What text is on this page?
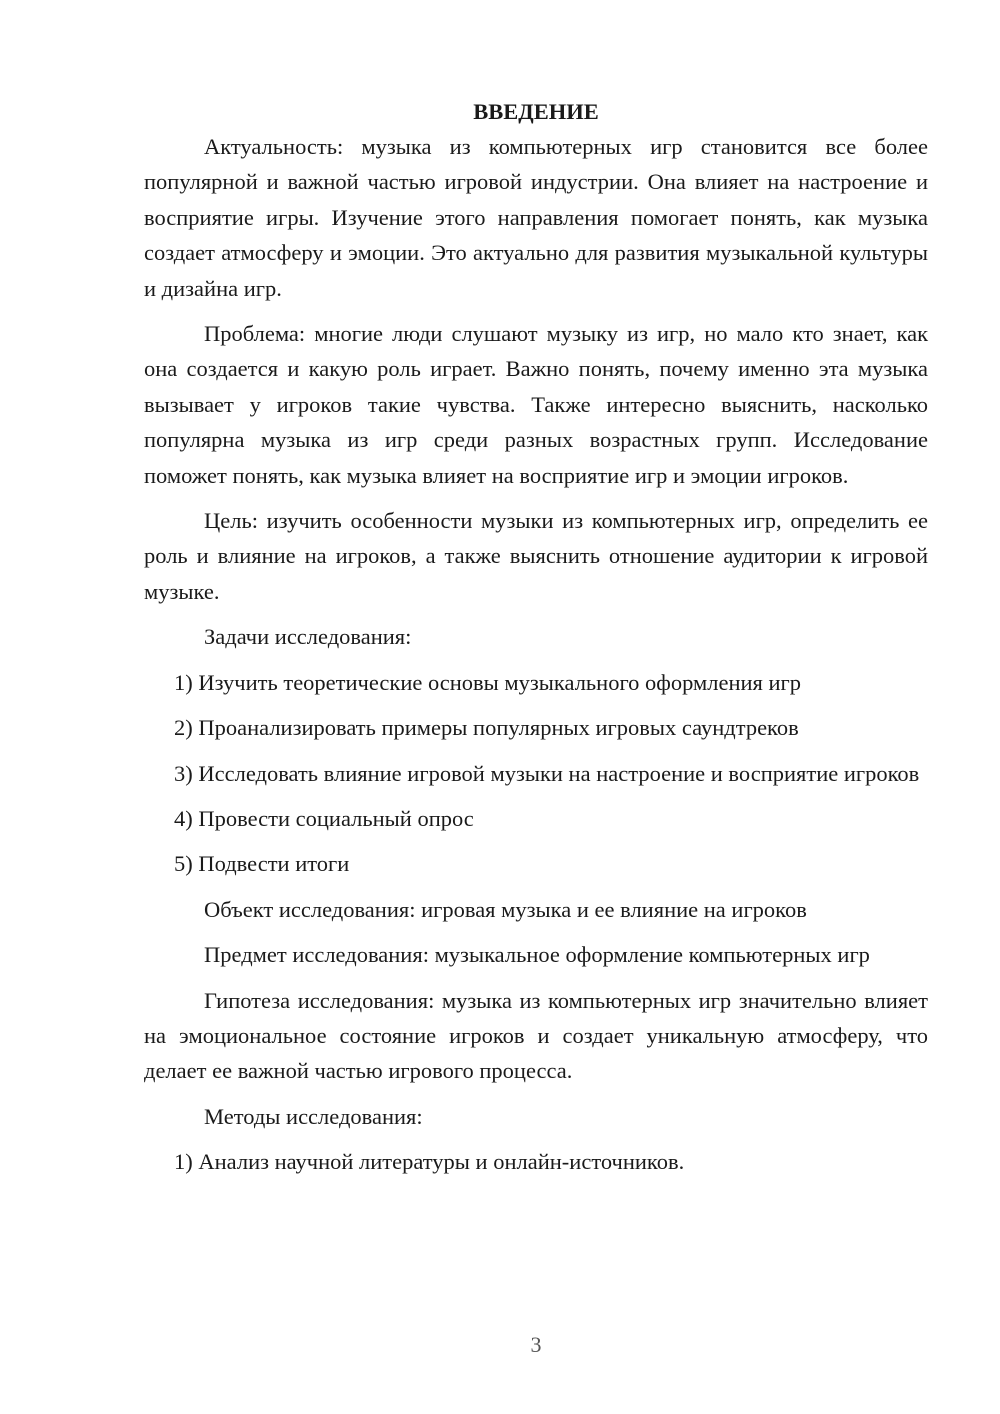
ВВЕДЕНИЕ

Актуальность: музыка из компьютерных игр становится все более популярной и важной частью игровой индустрии. Она влияет на настроение и восприятие игры. Изучение этого направления помогает понять, как музыка создает атмосферу и эмоции. Это актуально для развития музыкальной культуры и дизайна игр.

Проблема: многие люди слушают музыку из игр, но мало кто знает, как она создается и какую роль играет. Важно понять, почему именно эта музыка вызывает у игроков такие чувства. Также интересно выяснить, насколько популярна музыка из игр среди разных возрастных групп. Исследование поможет понять, как музыка влияет на восприятие игр и эмоции игроков.

Цель: изучить особенности музыки из компьютерных игр, определить ее роль и влияние на игроков, а также выяснить отношение аудитории к игровой музыке.

Задачи исследования:

1) Изучить теоретические основы музыкального оформления игр

2) Проанализировать примеры популярных игровых саундтреков

3) Исследовать влияние игровой музыки на настроение и восприятие игроков

4) Провести социальный опрос

5) Подвести итоги

Объект исследования: игровая музыка и ее влияние на игроков

Предмет исследования: музыкальное оформление компьютерных игр

Гипотеза исследования: музыка из компьютерных игр значительно влияет на эмоциональное состояние игроков и создает уникальную атмосферу, что делает ее важной частью игрового процесса.

Методы исследования:

1) Анализ научной литературы и онлайн-источников.

3
